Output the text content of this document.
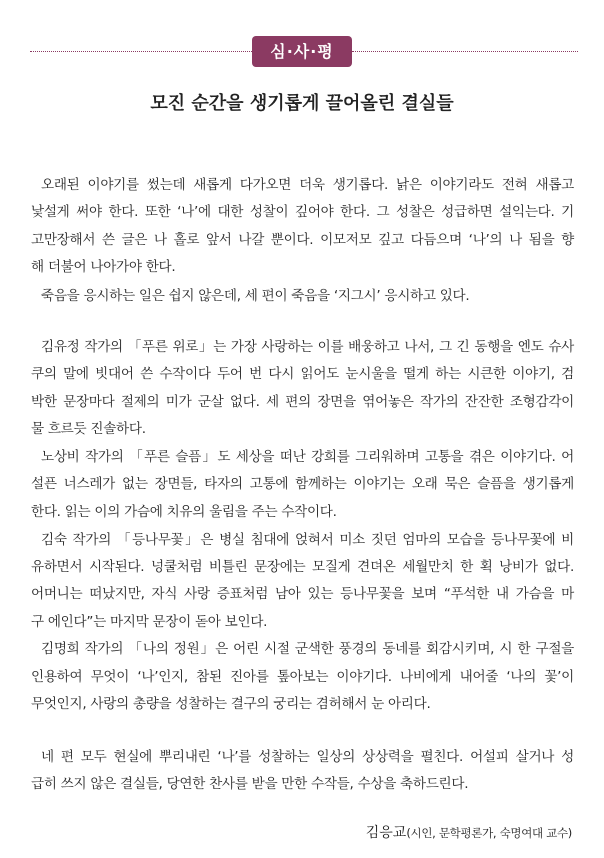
심·사·평
모진 순간을 생기롭게 끌어올린 결실들
오래된 이야기를 썼는데 새롭게 다가오면 더욱 생기롭다. 낡은 이야기라도 전혀 새롭고
낯설게 써야 한다. 또한 ‘나’에 대한 성찰이 깊어야 한다. 그 성찰은 성급하면 설익는다. 기
고만장해서 쓴 글은 나 홀로 앞서 나갈 뿐이다. 이모저모 깊고 다듬으며 ‘나’의 나 됨을 향
해 더불어 나아가야 한다.
죽음을 응시하는 일은 쉽지 않은데, 세 편이 죽음을 ‘지그시’ 응시하고 있다.
김유정 작가의 「푸른 위로」는 가장 사랑하는 이를 배웅하고 나서, 그 긴 동행을 엔도 슈사
쿠의 말에 빗대어 쓴 수작이다 두어 번 다시 읽어도 눈시울을 떨게 하는 시큰한 이야기, 검
박한 문장마다 절제의 미가 군살 없다. 세 편의 장면을 엮어놓은 작가의 잔잔한 조형감각이
물 흐르듯 진솔하다.
노상비 작가의 「푸른 슬픔」도 세상을 떠난 강희를 그리워하며 고통을 겪은 이야기다. 어
설픈 너스레가 없는 장면들, 타자의 고통에 함께하는 이야기는 오래 묵은 슬픔을 생기롭게
한다. 읽는 이의 가슴에 치유의 울림을 주는 수작이다.
김숙 작가의 「등나무꽃」은 병실 침대에 얹혀서 미소 짓던 엄마의 모습을 등나무꽃에 비
유하면서 시작된다. 넝쿨처럼 비틀린 문장에는 모질게 견뎌온 세월만치 한 획 낭비가 없다.
어머니는 떠났지만, 자식 사랑 증표처럼 남아 있는 등나무꽃을 보며 “푸석한 내 가슴을 마
구 에인다”는 마지막 문장이 돋아 보인다.
김명희 작가의 「나의 정원」은 어린 시절 군색한 풍경의 동네를 회감시키며, 시 한 구절을
인용하여 무엇이 ‘나’인지, 참된 진아를 톺아보는 이야기다. 나비에게 내어줄 ‘나의 꽃’이
무엇인지, 사랑의 총량을 성찰하는 결구의 궁리는 겸허해서 눈 아리다.
네 편 모두 현실에 뿌리내린 ‘나’를 성찰하는 일상의 상상력을 펼친다. 어설피 살거나 성
급히 쓰지 않은 결실들, 당연한 찬사를 받을 만한 수작들, 수상을 축하드린다.
김응교(시인, 문학평론가, 숙명여대 교수)
